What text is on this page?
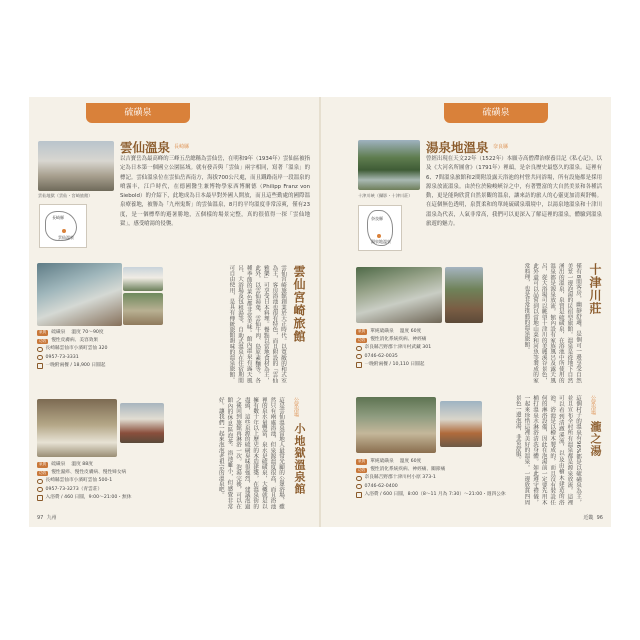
硫磺泉
雲仙地獄（雲仙・宮崎旅館）
長崎縣
雲仙溫泉
雲仙溫泉 長崎縣
以吉寶岳為最高峰的三峰五岳總稱為雲仙岳，在明和9年（1934年）雲仙區被指定為日本第一個國立公園區域。就有發音與「雲仙」兩字相同，寫著「溫泉」的標記。雲仙溫泉位在雲仙岳西南方，海拔700公尺處，而且鐵路南岸一段溫泉的噴霧丰，江戶時代，在德國醫生兼博物學家西博爾德（Philipp Franz von Siebold）的介紹下，此地成為日本最早對外國人開放，而且這些勤處的國際溫泉療養地，被譽為「九州鬼斯」的雲仙溫泉，8月的平均溫度非常涼爽，僅有23度，是一個標準的避暑勝地，五個樣的場景完整，真的很值得一探「雲仙地獄」，感受嗆湯的侵襲。
泉質	硫磺泉 　溫度 70～90度
功效	慢性皮膚病、美容效果
長崎縣雲仙市小濱町雲仙 320
0957-73-3331
一晚附兩餐 / 18,900 日圓起
雲仙宮崎旅館
雲仙宮崎旅館創業於大正時代。以寬敞的和式室為主，客房浴池也很有特色，而且附設的「雲仙雅樂」可享受日本料理。餐點以當地食材為主，此外，以雲仙湯葉、雲仙牛肉、島原素麵等，各種季節的菜色都非常美味。館內溫泉有露天風呂、大浴場及包租湯等，自助式溫泉在住宿期間可自由使用，是具有傳統旅館韻味的溫泉旅館。
泉質	硫磺泉 　溫度 88度
功效	慢性濕疹、慢性皮膚病、慢性婦女病
長崎縣雲仙市小濱町雲仙 500-1
0957-73-3273（青雲莊）
入浴費 / 460 日圓，9:00～21:00・無休
公眾浴場
小地獄溫泉館
這是雲仙溫泉當地人最常光顧的公眾浴場，雖然只有兩處浴池，但泉源溫度很高，而且浴池裡的泉水量豐富，泉水是硫磺泉，大概就是以擁有數十年以上歷史的木造建築，在溫泉街的盡頭，這些泉源的硫磺臭味很強烈，建議泡過之後回到旅館再淋浴一次。泡湯完後，可以在館內的休息區泡茶。浴池雖小，但感覺非常好。讓我們一起來泡泡老祖宗的溫泉吧。
97 九州
硫磺泉
十津川峽（攝影・十津川莊）
奈良縣
湯泉地溫泉
湯泉地溫泉 奈良縣
曾經出現在天文22年（1522年）本願寺高僧滯治療養目記《私心記》，以及《大河名所圖會》（1791年）裡頭，是奈良歷史最悠久的溫泉。這裡有6、7間溫泉旅館和2間附設露天浴池的村營共同浴場，所有設施都是採用源泉放流溫泉。由於位於險峻峽谷之中，有著豐富的大自然美景和各種活動，更是能夠欣賞自然景觀的溫泉，讓來訪的旅人的心靈更加清爽舒暢。在這個無色透明，泉質柔和的單純硫磺泉環境中，以湯泉地溫泉和十津川溫泉為代表，人氣非常高，我們可以更深入了解這裡的溫泉，體驗到溫泉旅遊的魅力。
泉質	單純硫磺泉 　溫度 60度
功效	慢性消化系統疾病、神經痛
奈良縣吉野郡十津川村武藏 301
0746-62-0035
一晚附兩餐 / 10,110 日圓起
十津川莊
僅有8間客房，幽靜舒適，是個可一邊享受自然美景一邊泡湯的民宿型旅館。溫泉是從地下自然湧出的溫泉，泉質是硫磺泉，在浴池中所使用的溫泉都是源泉放流。館內設有家族風呂及露天風呂，從大浴場可以眺望十津川的美麗溪谷景色，此外還可以品嘗到以當地山菜和河魚等製成的家常料理，也是非常推薦的溫泉旅館。
泉質	單純硫磺泉 　溫度 60度
功效	慢性消化系統疾病、神經痛、關節痛
奈良縣吉野郡十津川村小原 373-1
0746-62-0400
入浴費 / 600 日圓，8:00（8～11 月為 7:30）～21:00・週四公休
公眾浴場
瀧之湯
這個村子的溫泉有96%都是以硫磺泉為主，並且宣布全村所有溫泉都是源泉放流。這裡可以看到清澈溪流，以及由檜木建造的浴池。浴池是以檜木製成的，而且沒有裝設任何的淋浴設備，因此在泡湯前一定要先用木桶打溫泉水淋浴清洗身體。如此遵守禮儀，一起來珍惜這裡美好的溫泉。一邊欣賞四周景色一邊泡湯，非常舒服。
近畿 96
